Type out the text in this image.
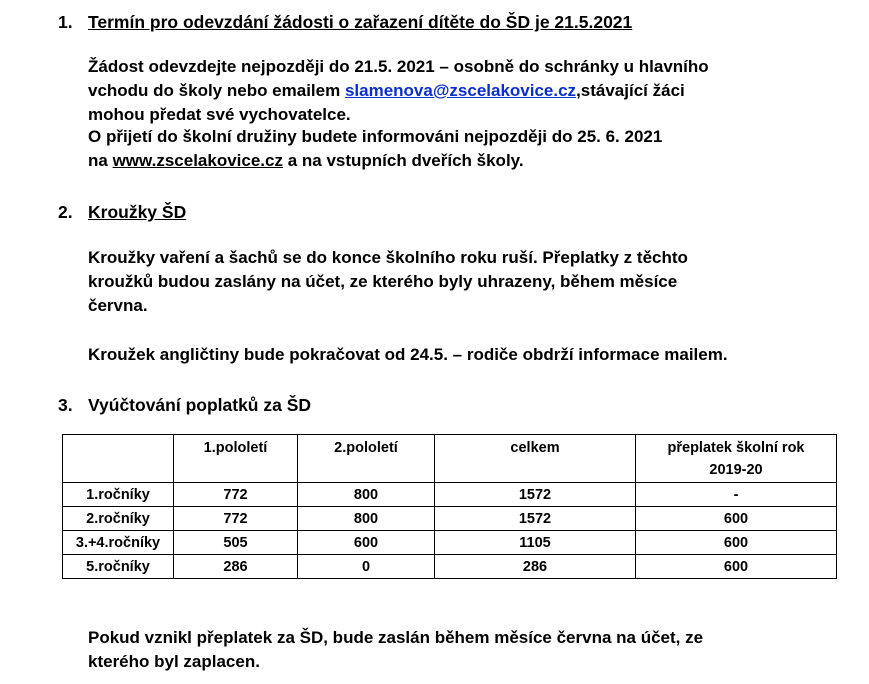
1. Termín pro odevzdání žádosti o zařazení dítěte do ŠD je 21.5.2021
Žádost odevzdejte nejpozději do 21.5. 2021 – osobně do schránky u hlavního
vchodu do školy nebo emailem slamenova@zscelakovice.cz,stávající žáci
mohou předat své vychovatelce.
O přijetí do školní družiny budete informováni nejpozději do 25. 6. 2021
na www.zscelakovice.cz a na vstupních dveřích školy.
2. Kroužky ŠD
Kroužky vaření a šachů se do konce školního roku ruší. Přeplatky z těchto
kroužků budou zaslány na účet, ze kterého byly uhrazeny, během měsíce
června.
Kroužek angličtiny bude pokračovat od 24.5. – rodiče obdrží informace mailem.
3. Vyúčtování poplatků za ŠD
	1.pololetí	2.pololetí	celkem	přeplatek školní rok 2019-20
1.ročníky	772	800	1572	-
2.ročníky	772	800	1572	600
3.+4.ročníky	505	600	1105	600
5.ročníky	286	0	286	600
Pokud vznikl přeplatek za ŠD, bude zaslán během měsíce června na účet, ze
kterého byl zaplacen.
